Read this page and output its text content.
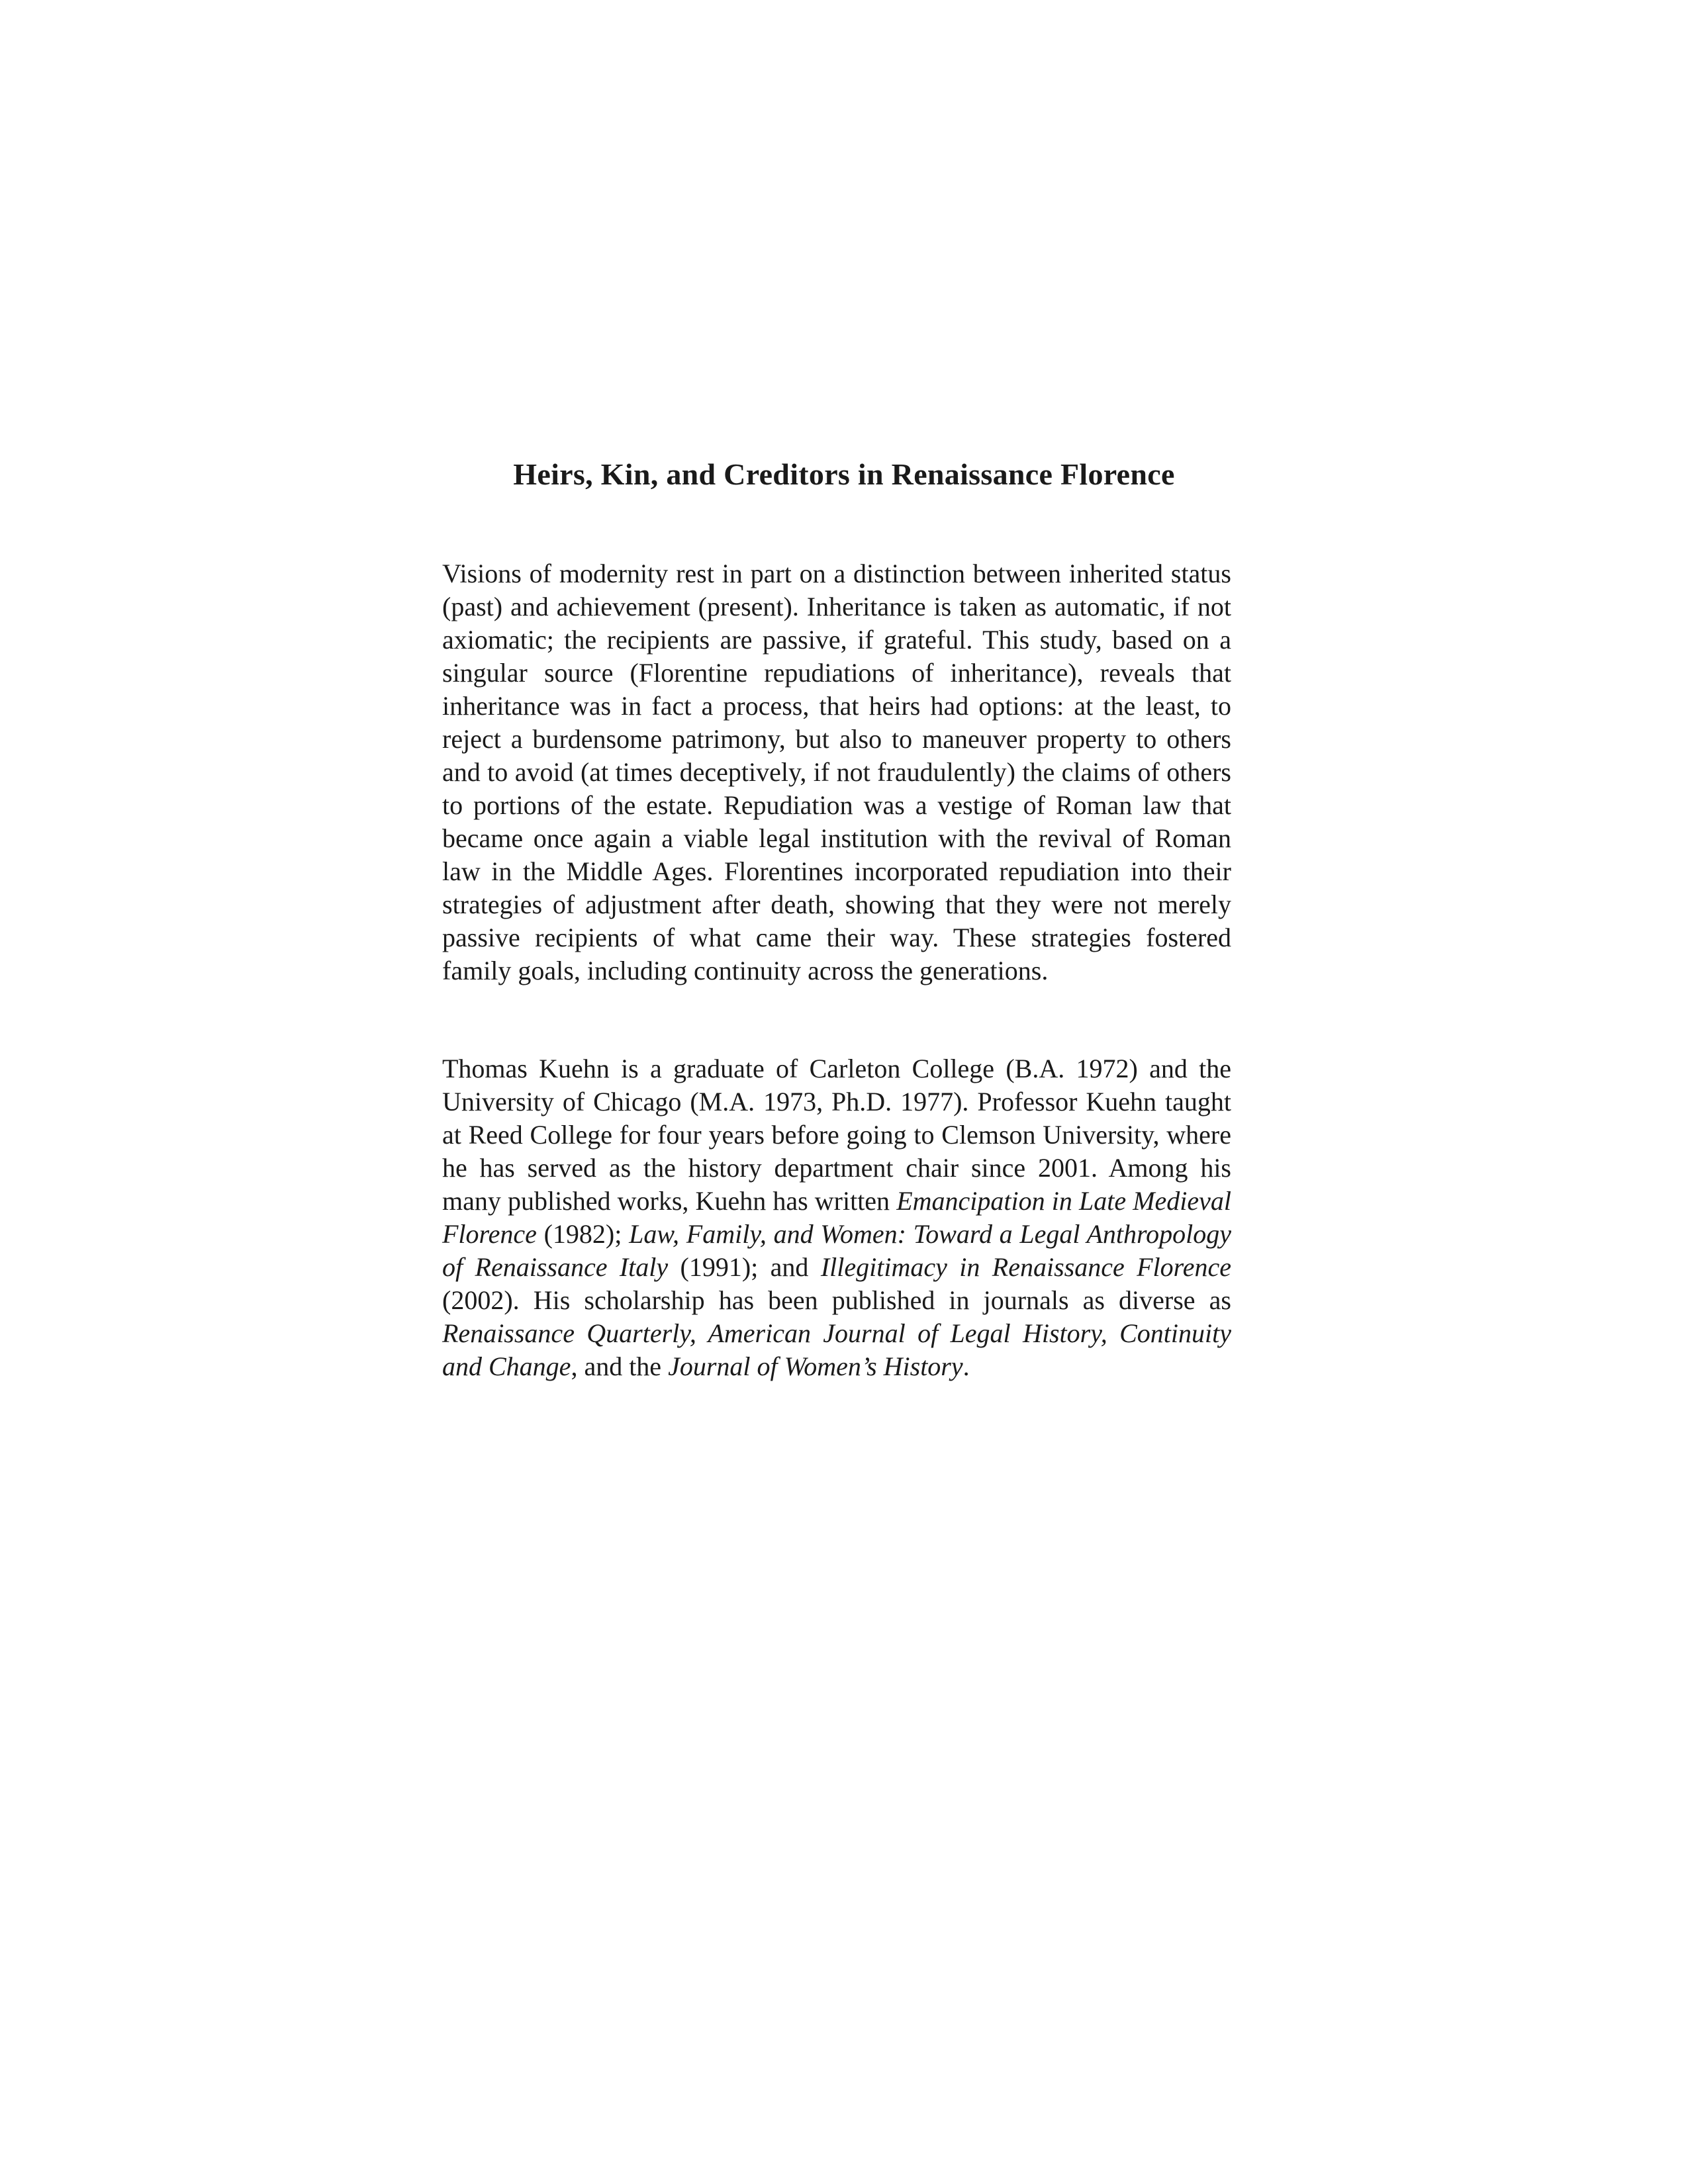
Heirs, Kin, and Creditors in Renaissance Florence

Visions of modernity rest in part on a distinction between inherited status (past) and achievement (present). Inheritance is taken as automatic, if not axiomatic; the recipients are passive, if grateful. This study, based on a singular source (Florentine repudiations of inheritance), reveals that inheritance was in fact a process, that heirs had options: at the least, to reject a burdensome patrimony, but also to maneuver property to others and to avoid (at times deceptively, if not fraudulently) the claims of others to portions of the estate. Repudiation was a vestige of Roman law that became once again a viable legal institution with the revival of Roman law in the Middle Ages. Florentines incorporated repudiation into their strategies of adjustment after death, showing that they were not merely passive recipients of what came their way. These strategies fostered family goals, including continuity across the generations.

Thomas Kuehn is a graduate of Carleton College (B.A. 1972) and the University of Chicago (M.A. 1973, Ph.D. 1977). Professor Kuehn taught at Reed College for four years before going to Clemson University, where he has served as the history department chair since 2001. Among his many published works, Kuehn has written Emancipation in Late Medieval Florence (1982); Law, Family, and Women: Toward a Legal Anthropology of Renaissance Italy (1991); and Illegitimacy in Renaissance Florence (2002). His scholarship has been published in journals as diverse as Renaissance Quarterly, American Journal of Legal History, Continuity and Change, and the Journal of Women’s History.
